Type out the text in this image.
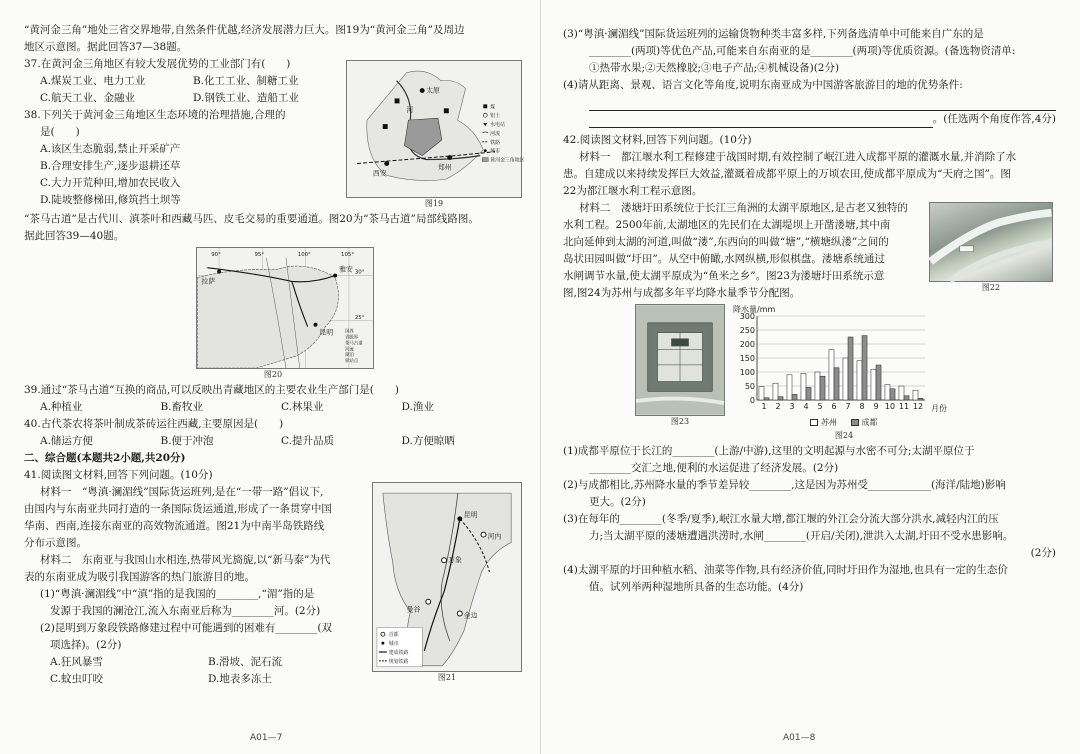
“黄河金三角”地处三省交界地带,自然条件优越,经济发展潜力巨大。图19为“黄河金三角”及周边
地区示意图。据此回答37—38题。
37.在黄河金三角地区有较大发展优势的工业部门有(　　)
A.煤炭工业、电力工业	B.化工工业、制糖工业
C.航天工业、金融业	D.钢铁工业、造船工业
38.下列关于黄河金三角地区生态环境的治理措施,合理的
是(　　)
A.该区生态脆弱,禁止开采矿产
B.合理安排生产,逐步退耕还草
C.大力开荒种田,增加农民收入
D.陡坡整修梯田,修筑挡土坝等
太原
西安
郑州
河	煤
铝土
水电站
河流
铁路
城市
黄河金三角地区
图19
“茶马古道”是古代川、滇茶叶和西藏马匹、皮毛交易的重要通道。图20为“茶马古道”局部线路图。
据此回答39—40题。
拉萨
雅安
昆明
90°	95°	100°	105°
30°
25°
国界
省级界
茶马古道
河流
湖泊
驿站点
图20
39.通过“茶马古道”互换的商品,可以反映出青藏地区的主要农业生产部门是(　　)
A.种植业	B.畜牧业	C.林果业	D.渔业
40.古代茶农将茶叶制成茶砖运往西藏,主要原因是(　　)
A.储运方便	B.便于冲泡	C.提升品质	D.方便晾晒
二、综合题(本题共2小题,共20分)
41.阅读图文材料,回答下列问题。(10分)
材料一　“粤滇·澜湄线”国际货运班列,是在“一带一路”倡议下,
由国内与东南亚共同打造的一条国际货运通道,形成了一条贯穿中国
华南、西南,连接东南亚的高效物流通道。图21为中南半岛铁路线
分布示意图。
材料二　东南亚与我国山水相连,热带风光旖旎,以“新马泰”为代
表的东南亚成为吸引我国游客的热门旅游目的地。
(1)“粤滇·澜湄线”中“滇”指的是我国的________,“湄”指的是
发源于我国的澜沧江,流入东南亚后称为________河。(2分)
(2)昆明到万象段铁路修建过程中可能遇到的困难有________(双
项选择)。(2分)
A.狂风暴雪	B.滑坡、泥石流
C.蚊虫叮咬	D.地表多冻土
昆明
万象
曼谷
河内
金边
首都
城市
建成铁路
规划铁路
图21
A01—7
(3)“粤滇·澜湄线”国际货运班列的运输货物种类丰富多样,下列备选清单中可能来自广东的是
________(两项)等优色产品,可能来自东南亚的是________(两项)等优质资源。(备选物资清单:
①热带水果;②天然橡胶;③电子产品;④机械设备)(2分)
(4)请从距离、景观、语言文化等角度,说明东南亚成为中国游客旅游目的地的优势条件:
。(任选两个角度作答,4分)
42.阅读图文材料,回答下列问题。(10分)
材料一　都江堰水利工程修建于战国时期,有效控制了岷江进入成都平原的灌溉水量,并消除了水
患。自建成以来持续发挥巨大效益,灌溉着成都平原上的万顷农田,使成都平原成为“天府之国”。图
22为都江堰水利工程示意图。
材料二　溇塘圩田系统位于长江三角洲的太湖平原地区,是古老又独特的
水利工程。2500年前,太湖地区的先民们在太湖堤坝上开凿溇塘,其中南
北向延伸到太湖的河道,叫做“溇”,东西向的叫做“塘”,“横塘纵溇”之间的
岛状田园叫做“圩田”。从空中俯瞰,水网纵横,形似棋盘。溇塘系统通过
水闸调节水量,使太湖平原成为“鱼米之乡”。图23为溇塘圩田系统示意
图,图24为苏州与成都多年平均降水量季节分配图。	图22
图23
降水量/mm
0
50
100
150
200
250
300
1 2 3 4 5 6 7 8 9 10 11 12 月份
苏州	成都
图24
(1)成都平原位于长江的________(上游/中游),这里的文明起源与水密不可分;太湖平原位于
________交汇之地,便利的水运促进了经济发展。(2分)
(2)与成都相比,苏州降水量的季节差异较________,这是因为苏州受____________(海洋/陆地)影响
更大。(2分)
(3)在每年的________(冬季/夏季),岷江水量大增,都江堰的外江会分流大部分洪水,减轻内江的压
力;当太湖平原的溇塘遭遇洪涝时,水闸________(开启/关闭),泄洪入太湖,圩田不受水患影响。
(2分)
(4)太湖平原的圩田种植水稻、油菜等作物,具有经济价值,同时圩田作为湿地,也具有一定的生态价
值。试列举两种湿地所具备的生态功能。(4分)
A01—8
